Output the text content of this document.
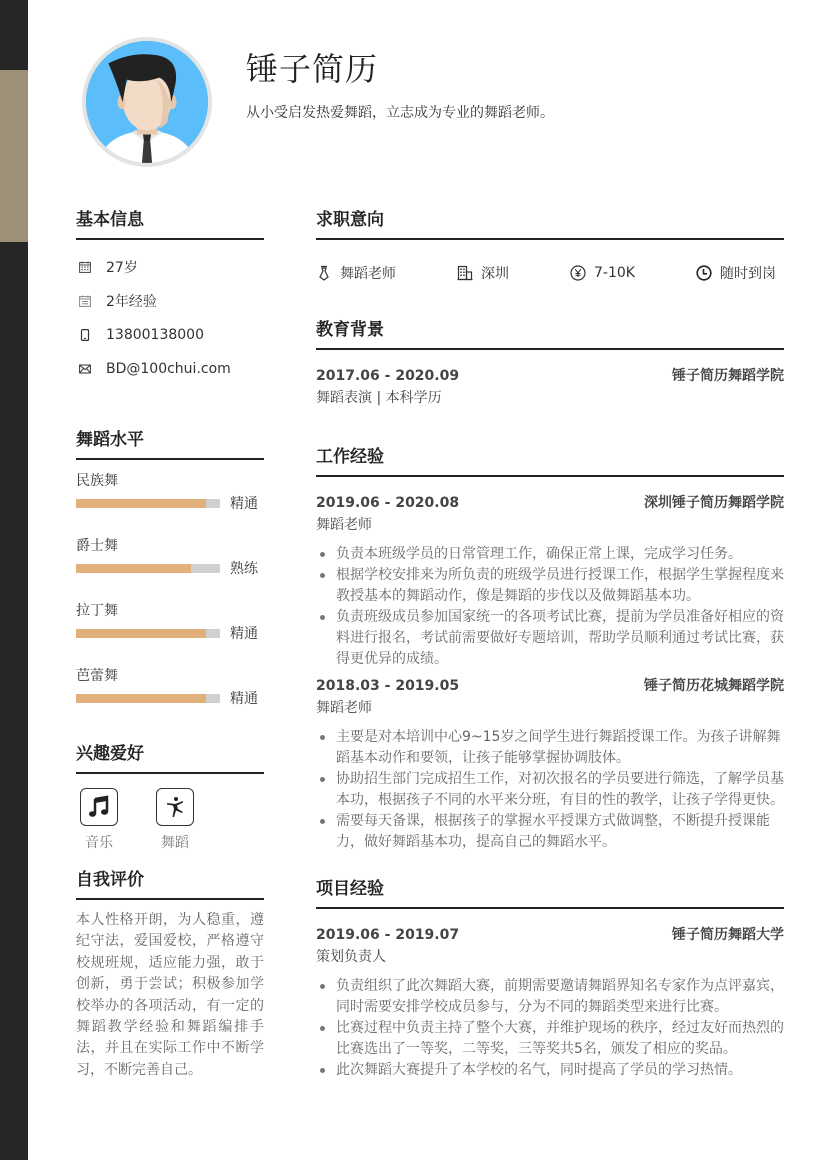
锤子简历
从小受启发热爱舞蹈，立志成为专业的舞蹈老师。
基本信息
27岁
2年经验
13800138000
BD@100chui.com
舞蹈水平
民族舞
精通
爵士舞
熟练
拉丁舞
精通
芭蕾舞
精通
兴趣爱好
音乐	舞蹈
自我评价
本人性格开朗，为人稳重，遵纪守法，爱国爱校，严格遵守校规班规，适应能力强，敢于创新，勇于尝试；积极参加学校举办的各项活动，有一定的舞蹈教学经验和舞蹈编排手法，并且在实际工作中不断学习，不断完善自己。
求职意向
舞蹈老师	深圳	7-10K	随时到岗
教育背景
2017.06 - 2020.09	锤子简历舞蹈学院
舞蹈表演 | 本科学历
工作经验
2019.06 - 2020.08	深圳锤子简历舞蹈学院
舞蹈老师
负责本班级学员的日常管理工作，确保正常上课，完成学习任务。
根据学校安排来为所负责的班级学员进行授课工作，根据学生掌握程度来教授基本的舞蹈动作，像是舞蹈的步伐以及做舞蹈基本功。
负责班级成员参加国家统一的各项考试比赛，提前为学员准备好相应的资料进行报名，考试前需要做好专题培训，帮助学员顺利通过考试比赛，获得更优异的成绩。
2018.03 - 2019.05	锤子简历花城舞蹈学院
舞蹈老师
主要是对本培训中心9~15岁之间学生进行舞蹈授课工作。为孩子讲解舞蹈基本动作和要领，让孩子能够掌握协调肢体。
协助招生部门完成招生工作，对初次报名的学员要进行筛选，了解学员基本功，根据孩子不同的水平来分班，有目的性的教学，让孩子学得更快。
需要每天备课，根据孩子的掌握水平授课方式做调整，不断提升授课能力，做好舞蹈基本功，提高自己的舞蹈水平。
项目经验
2019.06 - 2019.07	锤子简历舞蹈大学
策划负责人
负责组织了此次舞蹈大赛，前期需要邀请舞蹈界知名专家作为点评嘉宾，同时需要安排学校成员参与，分为不同的舞蹈类型来进行比赛。
比赛过程中负责主持了整个大赛，并维护现场的秩序，经过友好而热烈的比赛选出了一等奖，二等奖，三等奖共5名，颁发了相应的奖品。
此次舞蹈大赛提升了本学校的名气，同时提高了学员的学习热情。
